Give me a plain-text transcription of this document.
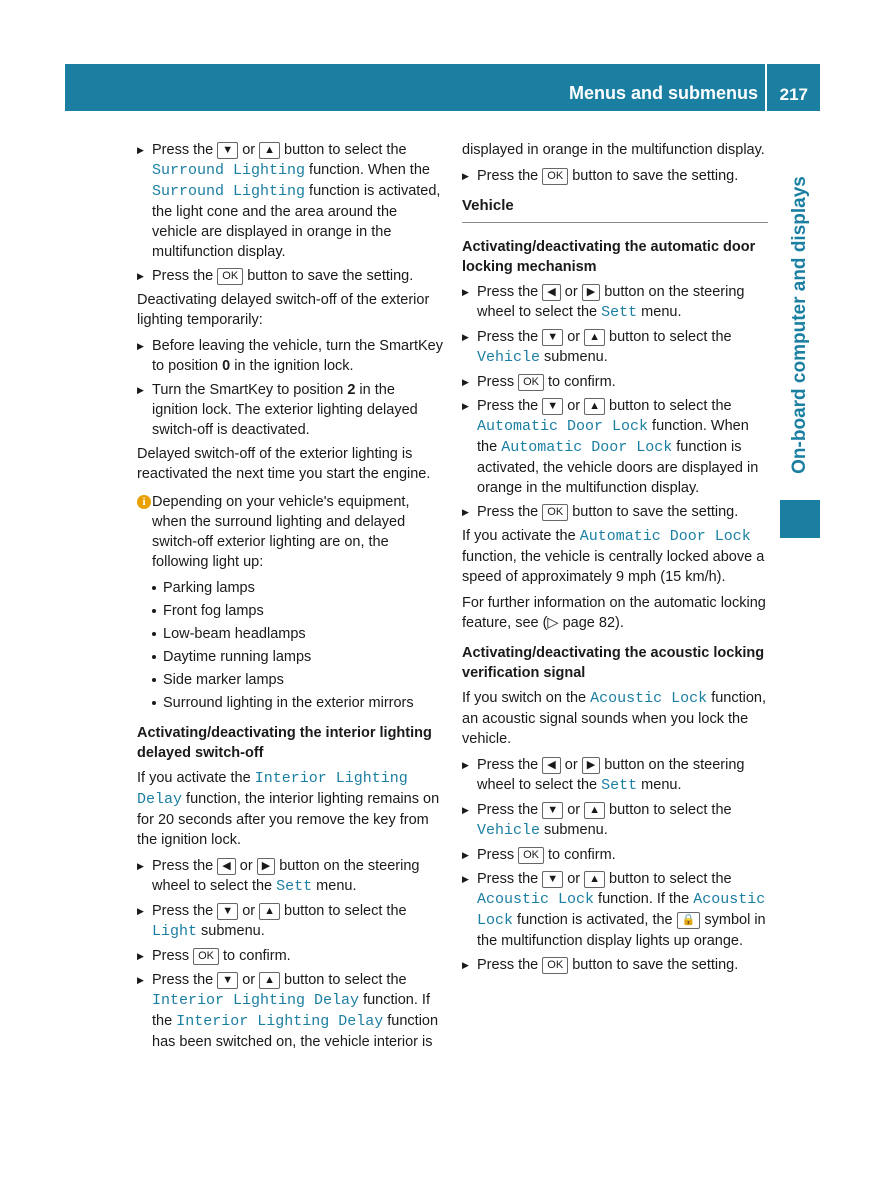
Menus and submenus 217
On-board computer and displays
▶ Press the ▼ or ▲ button to select the Surround Lighting function. When the Surround Lighting function is activated, the light cone and the area around the vehicle are displayed in orange in the multifunction display.
▶ Press the OK button to save the setting.
Deactivating delayed switch-off of the exterior lighting temporarily:
▶ Before leaving the vehicle, turn the SmartKey to position 0 in the ignition lock.
▶ Turn the SmartKey to position 2 in the ignition lock. The exterior lighting delayed switch-off is deactivated.
Delayed switch-off of the exterior lighting is reactivated the next time you start the engine.
i Depending on your vehicle's equipment, when the surround lighting and delayed switch-off exterior lighting are on, the following light up:
Parking lamps
Front fog lamps
Low-beam headlamps
Daytime running lamps
Side marker lamps
Surround lighting in the exterior mirrors
Activating/deactivating the interior lighting delayed switch-off
If you activate the Interior Lighting Delay function, the interior lighting remains on for 20 seconds after you remove the key from the ignition lock.
▶ Press the ◀ or ▶ button on the steering wheel to select the Sett menu.
▶ Press the ▼ or ▲ button to select the Light submenu.
▶ Press OK to confirm.
▶ Press the ▼ or ▲ button to select the Interior Lighting Delay function. If the Interior Lighting Delay function has been switched on, the vehicle interior is
displayed in orange in the multifunction display.
▶ Press the OK button to save the setting.
Vehicle
Activating/deactivating the automatic door locking mechanism
▶ Press the ◀ or ▶ button on the steering wheel to select the Sett menu.
▶ Press the ▼ or ▲ button to select the Vehicle submenu.
▶ Press OK to confirm.
▶ Press the ▼ or ▲ button to select the Automatic Door Lock function. When the Automatic Door Lock function is activated, the vehicle doors are displayed in orange in the multifunction display.
▶ Press the OK button to save the setting.
If you activate the Automatic Door Lock function, the vehicle is centrally locked above a speed of approximately 9 mph (15 km/h).
For further information on the automatic locking feature, see (▷ page 82).
Activating/deactivating the acoustic locking verification signal
If you switch on the Acoustic Lock function, an acoustic signal sounds when you lock the vehicle.
▶ Press the ◀ or ▶ button on the steering wheel to select the Sett menu.
▶ Press the ▼ or ▲ button to select the Vehicle submenu.
▶ Press OK to confirm.
▶ Press the ▼ or ▲ button to select the Acoustic Lock function. If the Acoustic Lock function is activated, the 🔒 symbol in the multifunction display lights up orange.
▶ Press the OK button to save the setting.
